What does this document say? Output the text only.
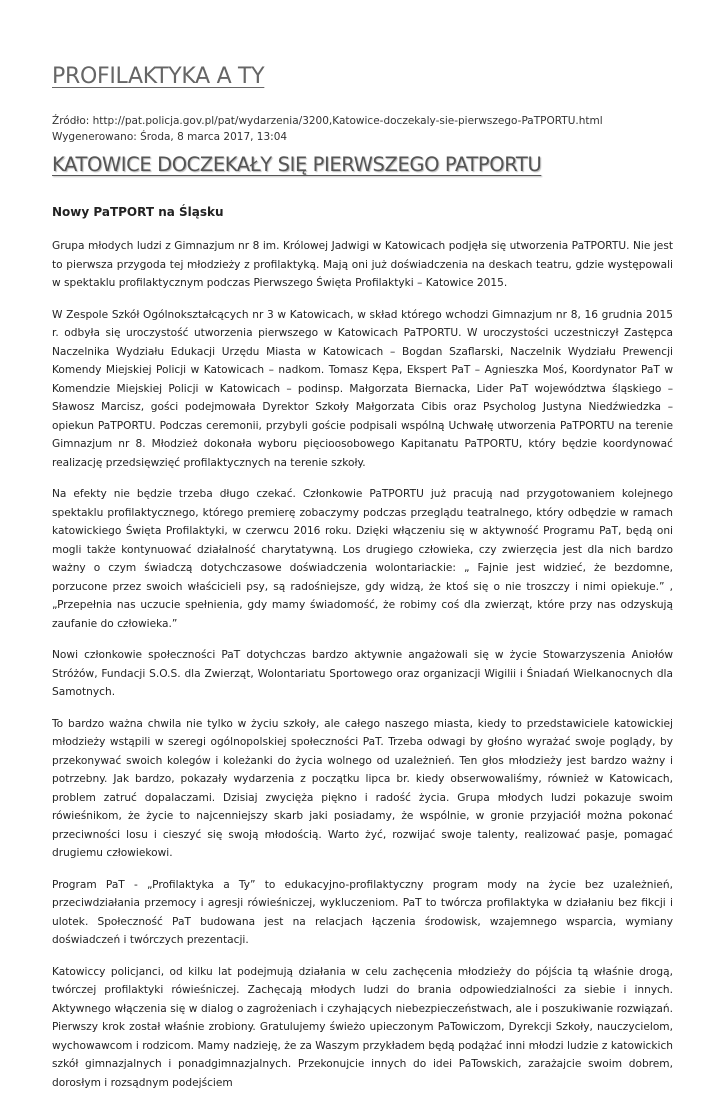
PROFILAKTYKA A TY
Źródło: http://pat.policja.gov.pl/pat/wydarzenia/3200,Katowice-doczekaly-sie-pierwszego-PaTPORTU.html
Wygenerowano: Środa, 8 marca 2017, 13:04
KATOWICE DOCZEKAŁY SIĘ PIERWSZEGO PATPORTU
Nowy PaTPORT na Śląsku

Grupa młodych ludzi z Gimnazjum nr 8 im. Królowej Jadwigi w Katowicach podjęła się utworzenia PaTPORTU. Nie jest to pierwsza przygoda tej młodzieży z profilaktyką. Mają oni już doświadczenia na deskach teatru, gdzie występowali w spektaklu profilaktycznym podczas Pierwszego Święta Profilaktyki – Katowice 2015.

W Zespole Szkół Ogólnokształcących nr 3 w Katowicach, w skład którego wchodzi Gimnazjum nr 8, 16 grudnia 2015 r. odbyła się uroczystość utworzenia pierwszego w Katowicach PaTPORTU. W uroczystości uczestniczył Zastępca Naczelnika Wydziału Edukacji Urzędu Miasta w Katowicach – Bogdan Szaflarski, Naczelnik Wydziału Prewencji Komendy Miejskiej Policji w Katowicach – nadkom. Tomasz Kępa, Ekspert PaT – Agnieszka Moś, Koordynator PaT w Komendzie Miejskiej Policji w Katowicach – podinsp. Małgorzata Biernacka, Lider PaT województwa śląskiego – Sławosz Marcisz, gości podejmowała Dyrektor Szkoły Małgorzata Cibis oraz Psycholog Justyna Niedźwiedzka – opiekun PaTPORTU. Podczas ceremonii, przybyli goście podpisali wspólną Uchwałę utworzenia PaTPORTU na terenie Gimnazjum nr 8. Młodzież dokonała wyboru pięcioosobowego Kapitanatu PaTPORTU, który będzie koordynować realizację przedsięwzięć profilaktycznych na terenie szkoły.

Na efekty nie będzie trzeba długo czekać. Członkowie PaTPORTU już pracują nad przygotowaniem kolejnego spektaklu profilaktycznego, którego premierę zobaczymy podczas przeglądu teatralnego, który odbędzie w ramach katowickiego Święta Profilaktyki, w czerwcu 2016 roku. Dzięki włączeniu się w aktywność Programu PaT, będą oni mogli także kontynuować działalność charytatywną. Los drugiego człowieka, czy zwierzęcia jest dla nich bardzo ważny o czym świadczą dotychczasowe doświadczenia wolontariackie: „ Fajnie jest widzieć, że bezdomne, porzucone przez swoich właścicieli psy, są radośniejsze, gdy widzą, że ktoś się o nie troszczy i nimi opiekuje.” , „Przepełnia nas uczucie spełnienia, gdy mamy świadomość, że robimy coś dla zwierząt, które przy nas odzyskują zaufanie do człowieka.”

Nowi członkowie społeczności PaT dotychczas bardzo aktywnie angażowali się w życie Stowarzyszenia Aniołów Stróżów, Fundacji S.O.S. dla Zwierząt, Wolontariatu Sportowego oraz organizacji Wigilii i Śniadań Wielkanocnych dla Samotnych.

To bardzo ważna chwila nie tylko w życiu szkoły, ale całego naszego miasta, kiedy to przedstawiciele katowickiej młodzieży wstąpili w szeregi ogólnopolskiej społeczności PaT. Trzeba odwagi by głośno wyrażać swoje poglądy, by przekonywać swoich kolegów i koleżanki do życia wolnego od uzależnień. Ten głos młodzieży jest bardzo ważny i potrzebny. Jak bardzo, pokazały wydarzenia z początku lipca br. kiedy obserwowaliśmy, również w Katowicach, problem zatruć dopalaczami. Dzisiaj zwycięża piękno i radość życia. Grupa młodych ludzi pokazuje swoim rówieśnikom, że życie to najcenniejszy skarb jaki posiadamy, że wspólnie, w gronie przyjaciół można pokonać przeciwności losu i cieszyć się swoją młodością. Warto żyć, rozwijać swoje talenty, realizować pasje, pomagać drugiemu człowiekowi.

Program PaT - „Profilaktyka a Ty” to edukacyjno-profilaktyczny program mody na życie bez uzależnień, przeciwdziałania przemocy i agresji rówieśniczej, wykluczeniom. PaT to twórcza profilaktyka w działaniu bez fikcji i ulotek. Społeczność PaT budowana jest na relacjach łączenia środowisk, wzajemnego wsparcia, wymiany doświadczeń i twórczych prezentacji.

Katowiccy policjanci, od kilku lat podejmują działania w celu zachęcenia młodzieży do pójścia tą właśnie drogą, twórczej profilaktyki rówieśniczej. Zachęcają młodych ludzi do brania odpowiedzialności za siebie i innych. Aktywnego włączenia się w dialog o zagrożeniach i czyhających niebezpieczeństwach, ale i poszukiwanie rozwiązań. Pierwszy krok został właśnie zrobiony. Gratulujemy świeżo upieczonym PaTowiczom, Dyrekcji Szkoły, nauczycielom, wychowawcom i rodzicom. Mamy nadzieję, że za Waszym przykładem będą podążać inni młodzi ludzie z katowickich szkół gimnazjalnych i ponadgimnazjalnych. Przekonujcie innych do idei PaTowskich, zarażajcie swoim dobrem, dorosłym i rozsądnym podejściem
